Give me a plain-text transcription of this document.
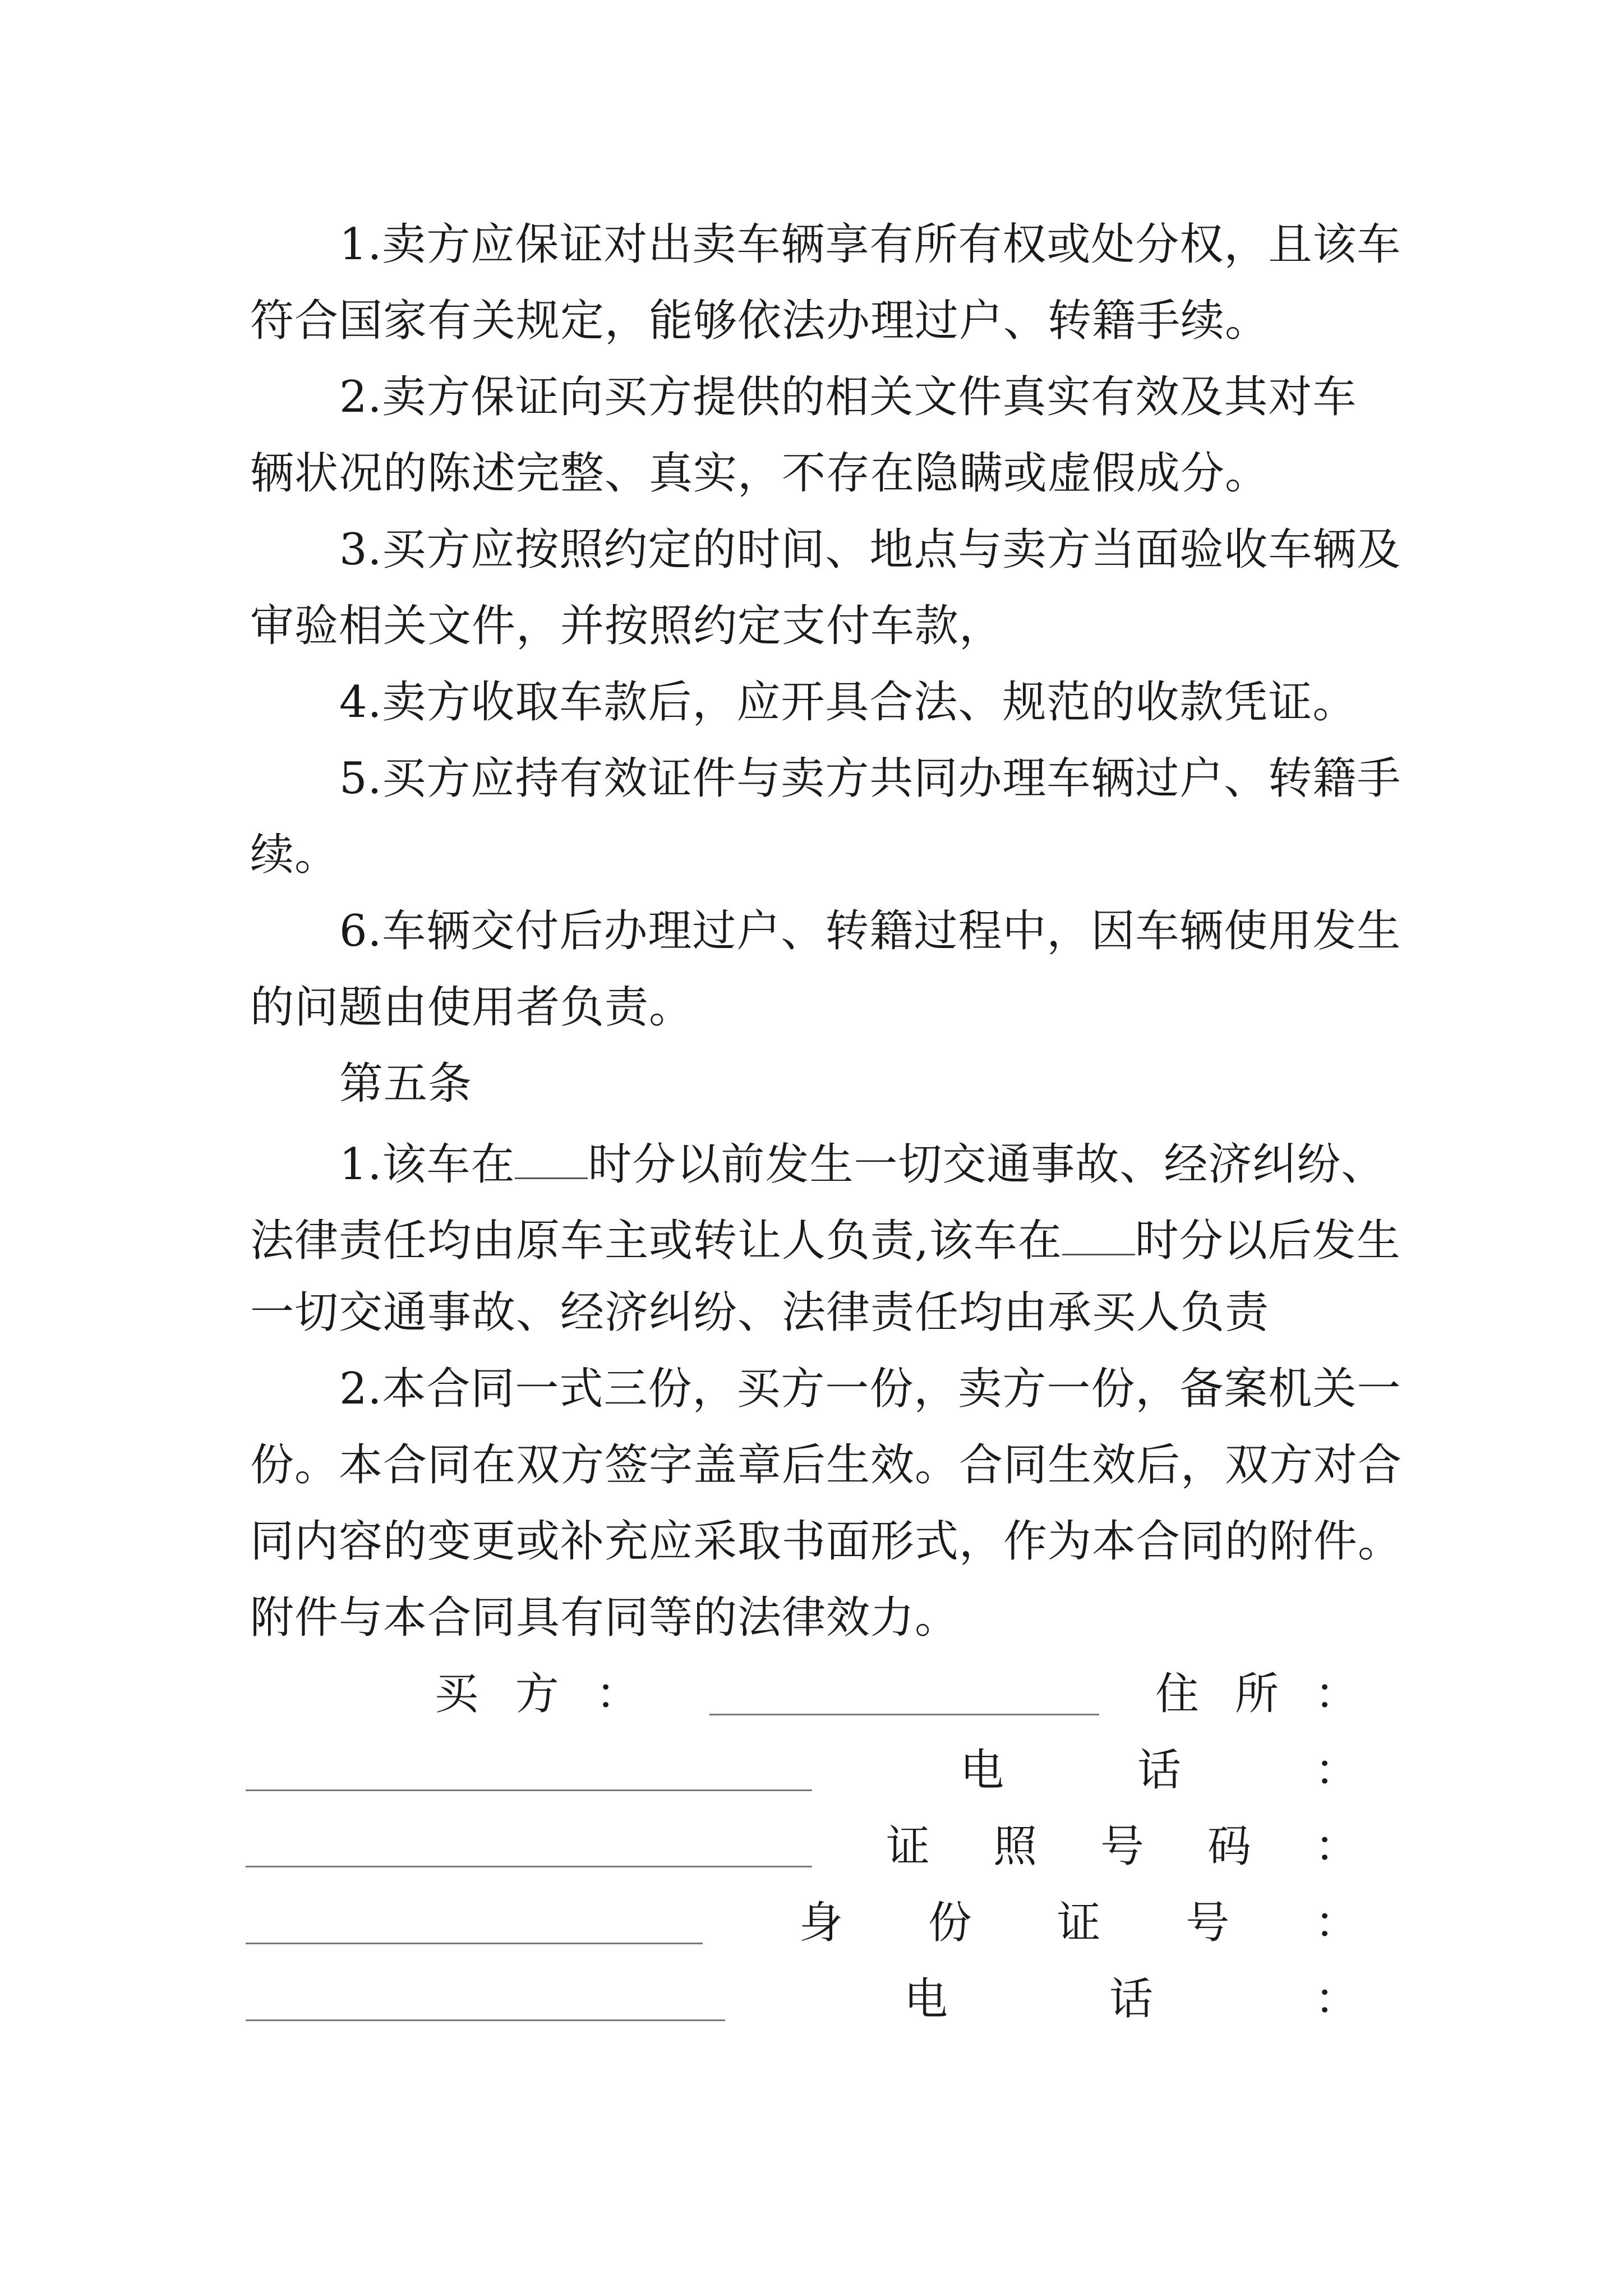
1.卖方应保证对出卖车辆享有所有权或处分权，且该车
符合国家有关规定，能够依法办理过户、转籍手续。
2.卖方保证向买方提供的相关文件真实有效及其对车
辆状况的陈述完整、真实，不存在隐瞒或虚假成分。
3.买方应按照约定的时间、地点与卖方当面验收车辆及
审验相关文件，并按照约定支付车款，
4.卖方收取车款后，应开具合法、规范的收款凭证。
5.买方应持有效证件与卖方共同办理车辆过户、转籍手
续。
6.车辆交付后办理过户、转籍过程中，因车辆使用发生
的问题由使用者负责。
第五条
1.该车在 时分以前发生一切交通事故、经济纠纷、
法律责任均由原车主或转让人负责,该车在 时分以后发生
一切交通事故、经济纠纷、法律责任均由承买人负责
2.本合同一式三份，买方一份，卖方一份，备案机关一
份。本合同在双方签字盖章后生效。合同生效后，双方对合
同内容的变更或补充应采取书面形式，作为本合同的附件。
附件与本合同具有同等的法律效力。
买 方 ：	住 所 ：
电	话	：
证 照 号 码 ：
身 份 证 号 ：
电	话	：
